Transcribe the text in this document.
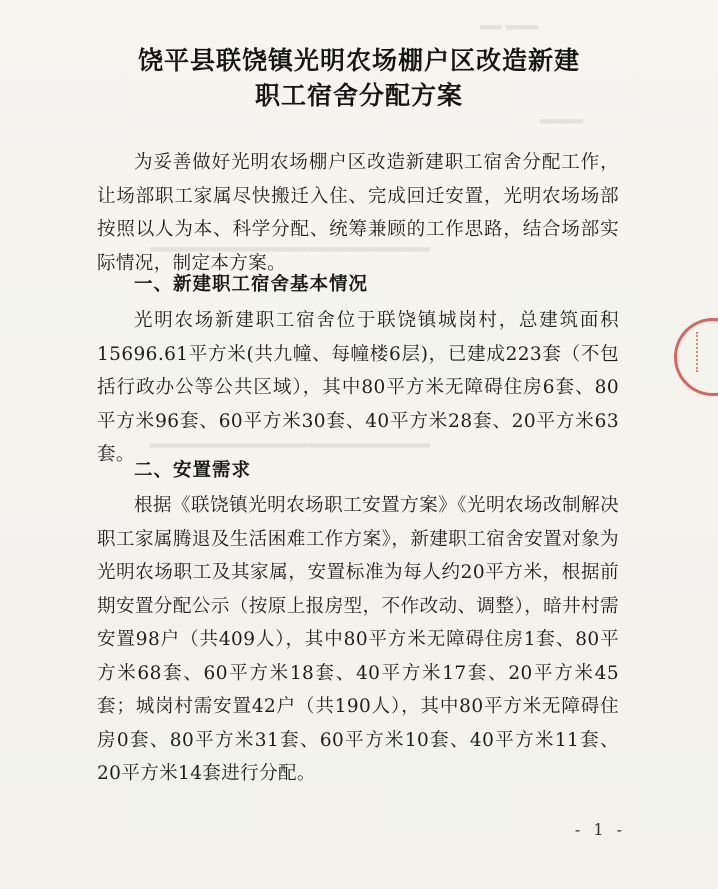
▂▂▂ ▂▂
▂▂▂▂
▂▂▂▂▂▂▂▂▂▂▂▂▂▂▂▂▂▂▂▂▂▂▂▂▂▂
▂▂▂▂▂▂▂▂▂▂▂▂▂▂▂▂▂▂▂▂▂▂▂▂▂▂
饶平县联饶镇光明农场棚户区改造新建
职工宿舍分配方案

为妥善做好光明农场棚户区改造新建职工宿舍分配工作，让场部职工家属尽快搬迁入住、完成回迁安置，光明农场场部按照以人为本、科学分配、统筹兼顾的工作思路，结合场部实际情况，制定本方案。

一、新建职工宿舍基本情况

光明农场新建职工宿舍位于联饶镇城岗村，总建筑面积15696.61平方米(共九幢、每幢楼6层)，已建成223套（不包括行政办公等公共区域），其中80平方米无障碍住房6套、80平方米96套、60平方米30套、40平方米28套、20平方米63套。

二、安置需求

根据《联饶镇光明农场职工安置方案》《光明农场改制解决职工家属腾退及生活困难工作方案》，新建职工宿舍安置对象为光明农场职工及其家属，安置标准为每人约20平方米，根据前期安置分配公示（按原上报房型，不作改动、调整），暗井村需安置98户（共409人），其中80平方米无障碍住房1套、80平方米68套、60平方米18套、40平方米17套、20平方米45套；城岗村需安置42户（共190人），其中80平方米无障碍住房0套、80平方米31套、60平方米10套、40平方米11套、20平方米14套进行分配。

- 1 -
